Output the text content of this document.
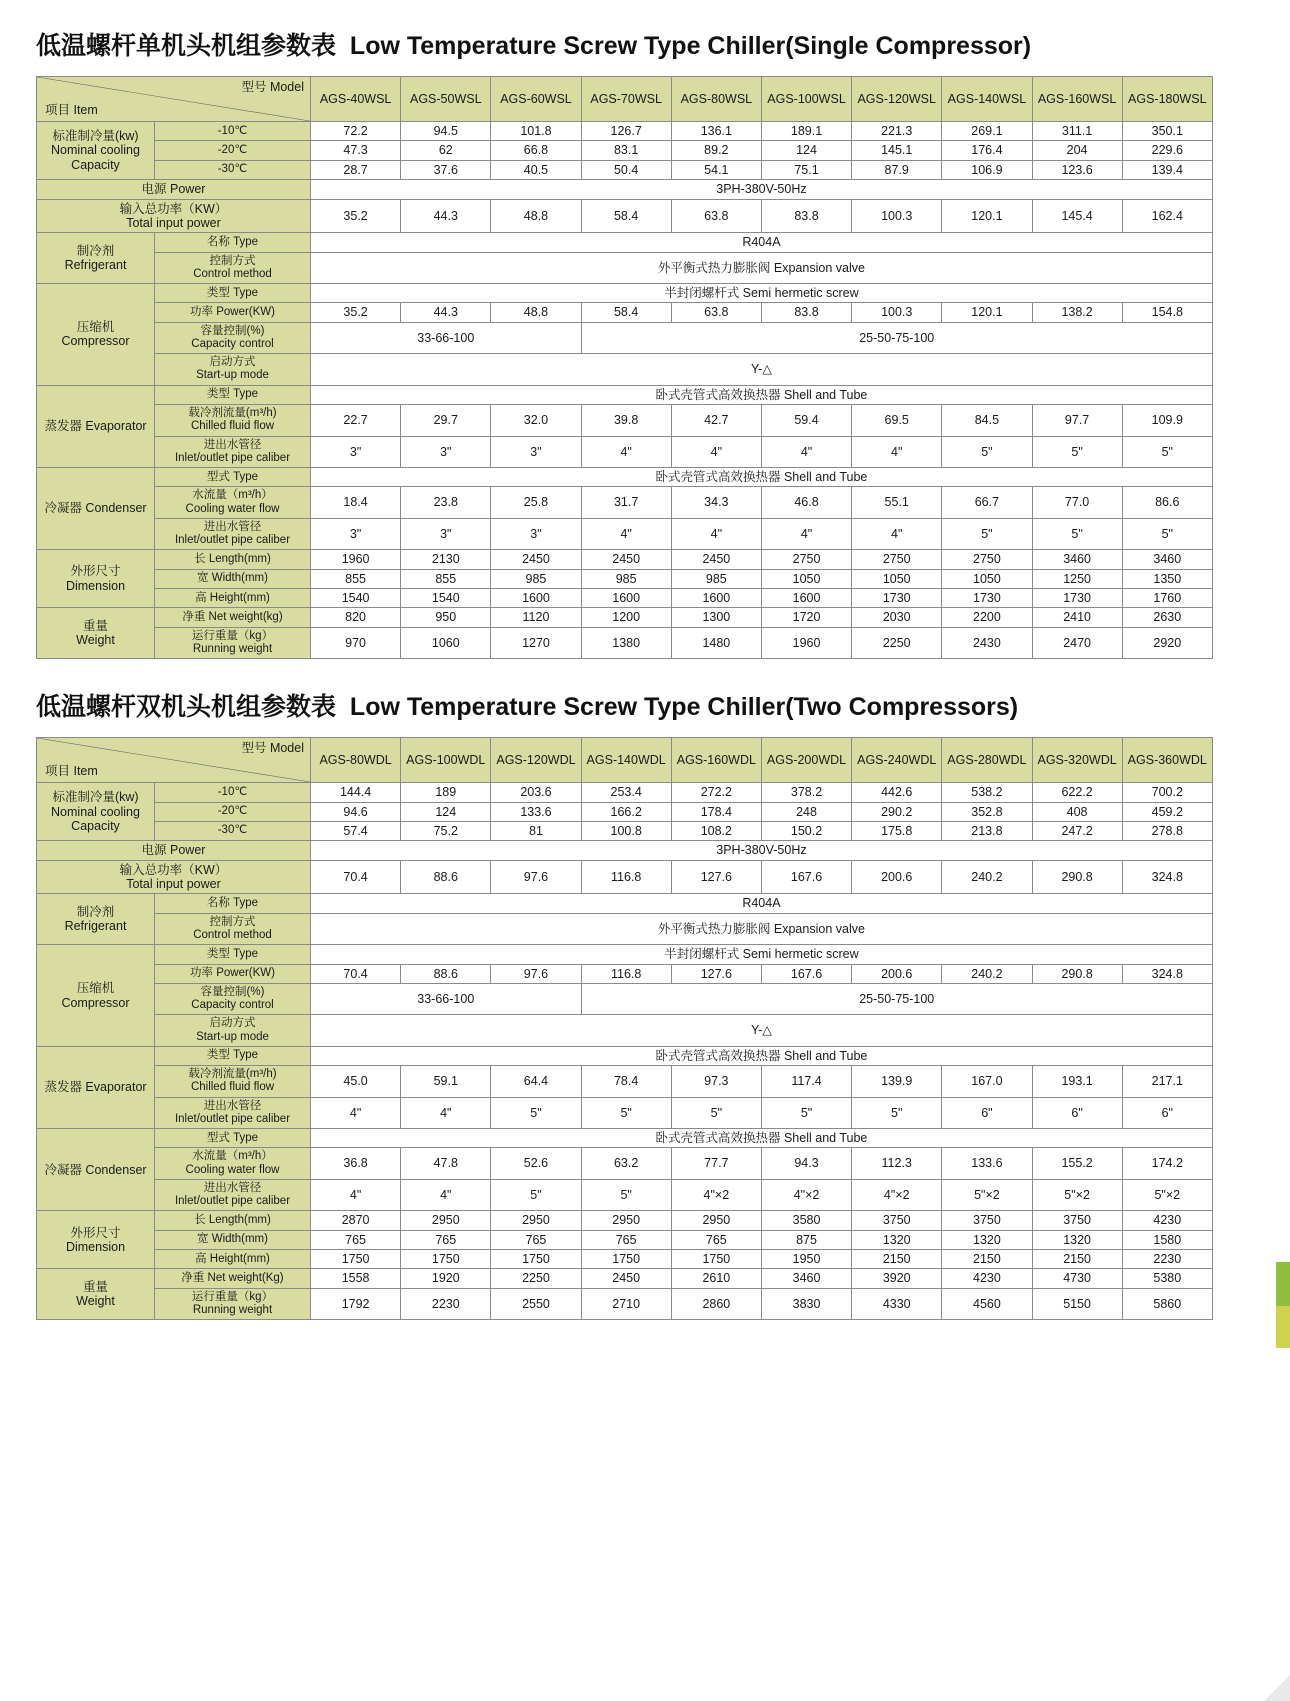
低温螺杆单机头机组参数表 Low Temperature Screw Type Chiller(Single Compressor)
型号 Model
项目 Item		AGS-40WSL	AGS-50WSL	AGS-60WSL	AGS-70WSL	AGS-80WSL	AGS-100WSL	AGS-120WSL	AGS-140WSL	AGS-160WSL	AGS-180WSL
标准制冷量(kw)
Nominal cooling
Capacity	-10℃	72.2	94.5	101.8	126.7	136.1	189.1	221.3	269.1	311.1	350.1
	-20℃	47.3	62	66.8	83.1	89.2	124	145.1	176.4	204	229.6
	-30℃	28.7	37.6	40.5	50.4	54.1	75.1	87.9	106.9	123.6	139.4
电源 Power		3PH-380V-50Hz									
输入总功率（KW）
Total input power		35.2	44.3	48.8	58.4	63.8	83.8	100.3	120.1	145.4	162.4
制冷剂
Refrigerant	名称 Type	R404A									
	控制方式
Control method	外平衡式热力膨胀阀 Expansion valve									
压缩机
Compressor	类型 Type	半封闭螺杆式 Semi hermetic screw									
	功率 Power(KW)	35.2	44.3	48.8	58.4	63.8	83.8	100.3	120.1	138.2	154.8
	容量控制(%)
Capacity control	33-66-100			25-50-75-100						
	启动方式
Start-up mode	Y-△									
蒸发器 Evaporator	类型 Type	卧式壳管式高效换热器 Shell and Tube									
	载冷剂流量(m³/h)
Chilled fluid flow	22.7	29.7	32.0	39.8	42.7	59.4	69.5	84.5	97.7	109.9
	进出水管径
Inlet/outlet pipe caliber	3"	3"	3"	4"	4"	4"	4"	5"	5"	5"
冷凝器 Condenser	型式 Type	卧式壳管式高效换热器 Shell and Tube									
	水流量（m³/h）
Cooling water flow	18.4	23.8	25.8	31.7	34.3	46.8	55.1	66.7	77.0	86.6
	进出水管径
Inlet/outlet pipe caliber	3"	3"	3"	4"	4"	4"	4"	5"	5"	5"
外形尺寸
Dimension	长 Length(mm)	1960	2130	2450	2450	2450	2750	2750	2750	3460	3460
	宽 Width(mm)	855	855	985	985	985	1050	1050	1050	1250	1350
	高 Height(mm)	1540	1540	1600	1600	1600	1600	1730	1730	1730	1760
重量
Weight	净重 Net weight(kg)	820	950	1120	1200	1300	1720	2030	2200	2410	2630
	运行重量（kg）
Running weight	970	1060	1270	1380	1480	1960	2250	2430	2470	2920
低温螺杆双机头机组参数表 Low Temperature Screw Type Chiller(Two Compressors)
型号 Model
项目 Item		AGS-80WDL	AGS-100WDL	AGS-120WDL	AGS-140WDL	AGS-160WDL	AGS-200WDL	AGS-240WDL	AGS-280WDL	AGS-320WDL	AGS-360WDL
标准制冷量(kw)
Nominal cooling
Capacity	-10℃	144.4	189	203.6	253.4	272.2	378.2	442.6	538.2	622.2	700.2
	-20℃	94.6	124	133.6	166.2	178.4	248	290.2	352.8	408	459.2
	-30℃	57.4	75.2	81	100.8	108.2	150.2	175.8	213.8	247.2	278.8
电源 Power		3PH-380V-50Hz									
输入总功率（KW）
Total input power		70.4	88.6	97.6	116.8	127.6	167.6	200.6	240.2	290.8	324.8
制冷剂
Refrigerant	名称 Type	R404A									
	控制方式
Control method	外平衡式热力膨胀阀 Expansion valve									
压缩机
Compressor	类型 Type	半封闭螺杆式 Semi hermetic screw									
	功率 Power(KW)	70.4	88.6	97.6	116.8	127.6	167.6	200.6	240.2	290.8	324.8
	容量控制(%)
Capacity control	33-66-100			25-50-75-100						
	启动方式
Start-up mode	Y-△									
蒸发器 Evaporator	类型 Type	卧式壳管式高效换热器 Shell and Tube									
	载冷剂流量(m³/h)
Chilled fluid flow	45.0	59.1	64.4	78.4	97.3	117.4	139.9	167.0	193.1	217.1
	进出水管径
Inlet/outlet pipe caliber	4"	4"	5"	5"	5"	5"	5"	6"	6"	6"
冷凝器 Condenser	型式 Type	卧式壳管式高效换热器 Shell and Tube									
	水流量（m³/h）
Cooling water flow	36.8	47.8	52.6	63.2	77.7	94.3	112.3	133.6	155.2	174.2
	进出水管径
Inlet/outlet pipe caliber	4"	4"	5"	5"	4"×2	4"×2	4"×2	5"×2	5"×2	5"×2
外形尺寸
Dimension	长 Length(mm)	2870	2950	2950	2950	2950	3580	3750	3750	3750	4230
	宽 Width(mm)	765	765	765	765	765	875	1320	1320	1320	1580
	高 Height(mm)	1750	1750	1750	1750	1750	1950	2150	2150	2150	2230
重量
Weight	净重 Net weight(Kg)	1558	1920	2250	2450	2610	3460	3920	4230	4730	5380
	运行重量（kg）
Running weight	1792	2230	2550	2710	2860	3830	4330	4560	5150	5860
